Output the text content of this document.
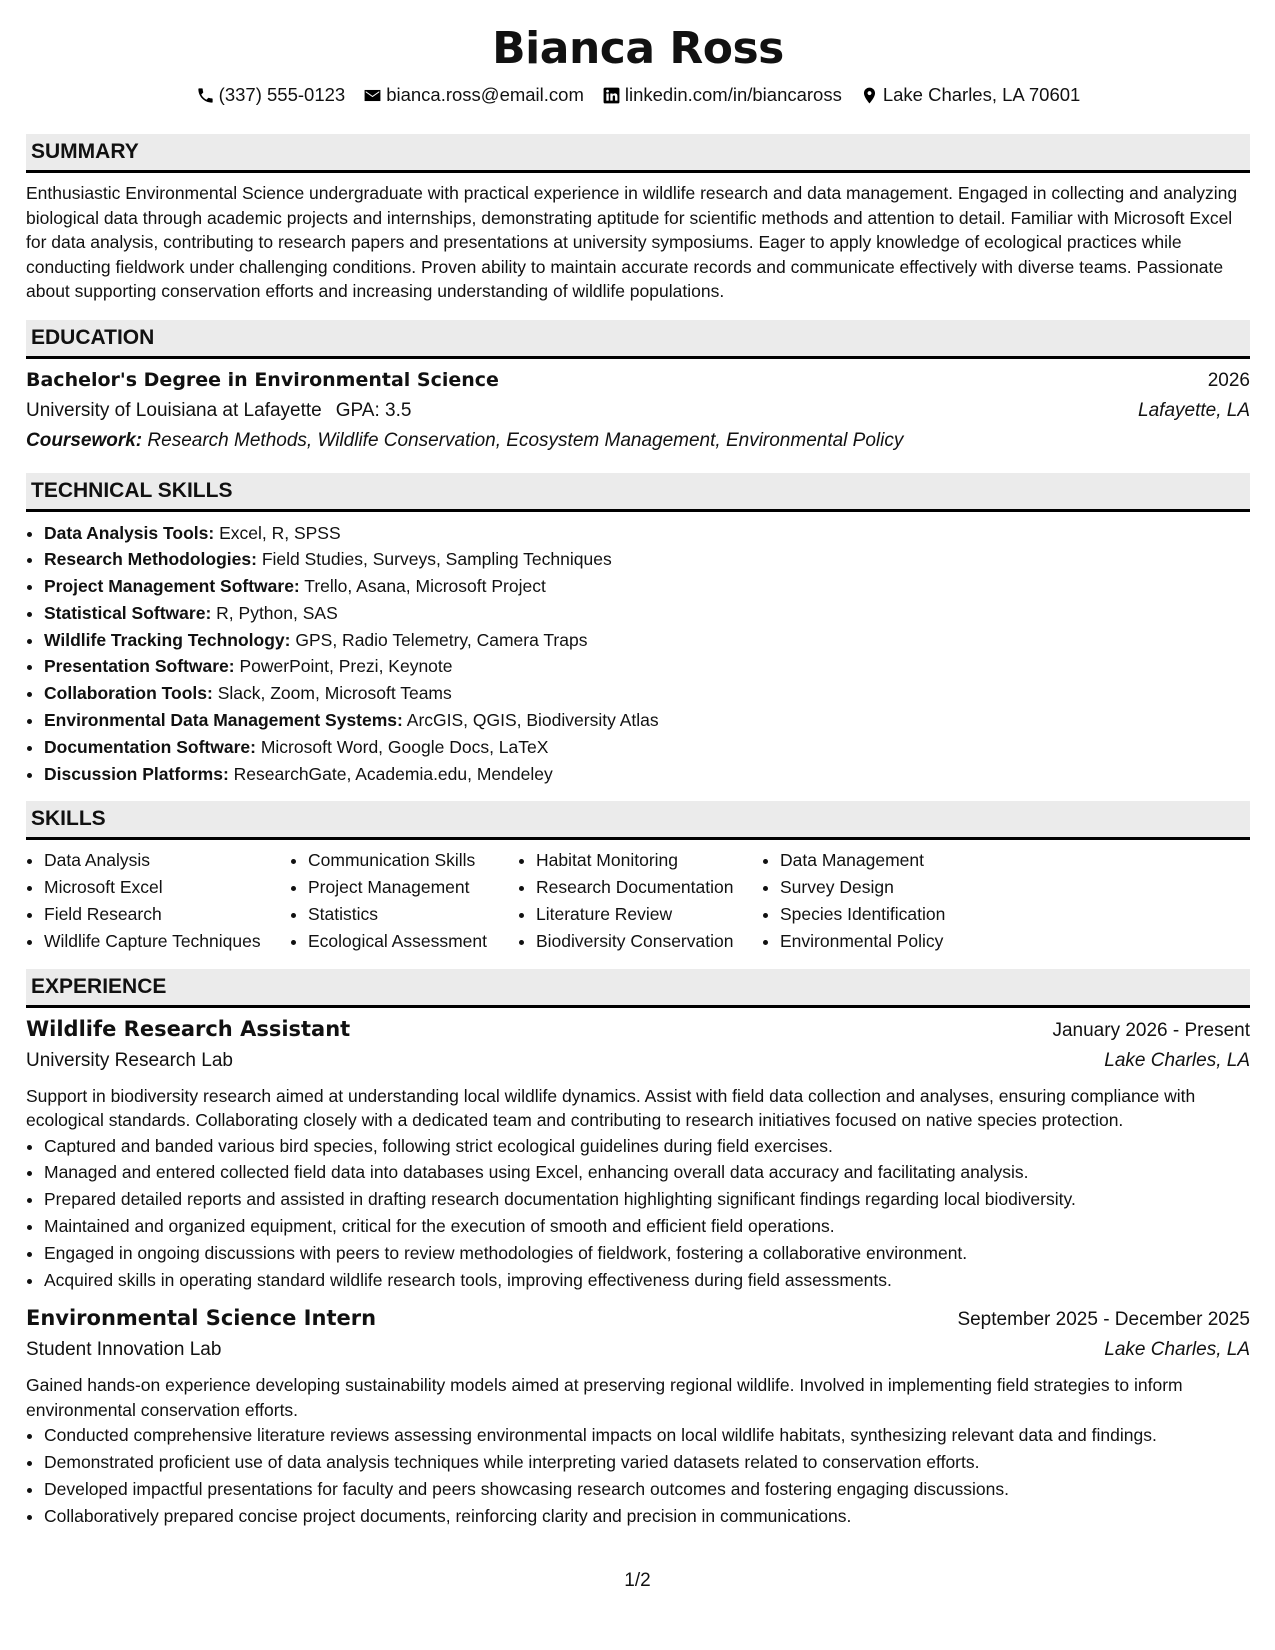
Bianca Ross
(337) 555-0123 bianca.ross@email.com linkedin.com/in/biancaross Lake Charles, LA 70601
SUMMARY
Enthusiastic Environmental Science undergraduate with practical experience in wildlife research and data management. Engaged in collecting and analyzing biological data through academic projects and internships, demonstrating aptitude for scientific methods and attention to detail. Familiar with Microsoft Excel for data analysis, contributing to research papers and presentations at university symposiums. Eager to apply knowledge of ecological practices while conducting fieldwork under challenging conditions. Proven ability to maintain accurate records and communicate effectively with diverse teams. Passionate about supporting conservation efforts and increasing understanding of wildlife populations.
EDUCATION
Bachelor's Degree in Environmental Science	2026
University of Louisiana at Lafayette GPA: 3.5	Lafayette, LA
Coursework: Research Methods, Wildlife Conservation, Ecosystem Management, Environmental Policy
TECHNICAL SKILLS
• Data Analysis Tools: Excel, R, SPSS
• Research Methodologies: Field Studies, Surveys, Sampling Techniques
• Project Management Software: Trello, Asana, Microsoft Project
• Statistical Software: R, Python, SAS
• Wildlife Tracking Technology: GPS, Radio Telemetry, Camera Traps
• Presentation Software: PowerPoint, Prezi, Keynote
• Collaboration Tools: Slack, Zoom, Microsoft Teams
• Environmental Data Management Systems: ArcGIS, QGIS, Biodiversity Atlas
• Documentation Software: Microsoft Word, Google Docs, LaTeX
• Discussion Platforms: ResearchGate, Academia.edu, Mendeley
SKILLS
• Data Analysis
• Microsoft Excel
• Field Research
• Wildlife Capture Techniques
• Communication Skills
• Project Management
• Statistics
• Ecological Assessment
• Habitat Monitoring
• Research Documentation
• Literature Review
• Biodiversity Conservation
• Data Management
• Survey Design
• Species Identification
• Environmental Policy
EXPERIENCE
Wildlife Research Assistant	January 2026 - Present
University Research Lab	Lake Charles, LA
Support in biodiversity research aimed at understanding local wildlife dynamics. Assist with field data collection and analyses, ensuring compliance with ecological standards. Collaborating closely with a dedicated team and contributing to research initiatives focused on native species protection.
• Captured and banded various bird species, following strict ecological guidelines during field exercises.
• Managed and entered collected field data into databases using Excel, enhancing overall data accuracy and facilitating analysis.
• Prepared detailed reports and assisted in drafting research documentation highlighting significant findings regarding local biodiversity.
• Maintained and organized equipment, critical for the execution of smooth and efficient field operations.
• Engaged in ongoing discussions with peers to review methodologies of fieldwork, fostering a collaborative environment.
• Acquired skills in operating standard wildlife research tools, improving effectiveness during field assessments.
Environmental Science Intern	September 2025 - December 2025
Student Innovation Lab	Lake Charles, LA
Gained hands-on experience developing sustainability models aimed at preserving regional wildlife. Involved in implementing field strategies to inform environmental conservation efforts.
• Conducted comprehensive literature reviews assessing environmental impacts on local wildlife habitats, synthesizing relevant data and findings.
• Demonstrated proficient use of data analysis techniques while interpreting varied datasets related to conservation efforts.
• Developed impactful presentations for faculty and peers showcasing research outcomes and fostering engaging discussions.
• Collaboratively prepared concise project documents, reinforcing clarity and precision in communications.
1/2
